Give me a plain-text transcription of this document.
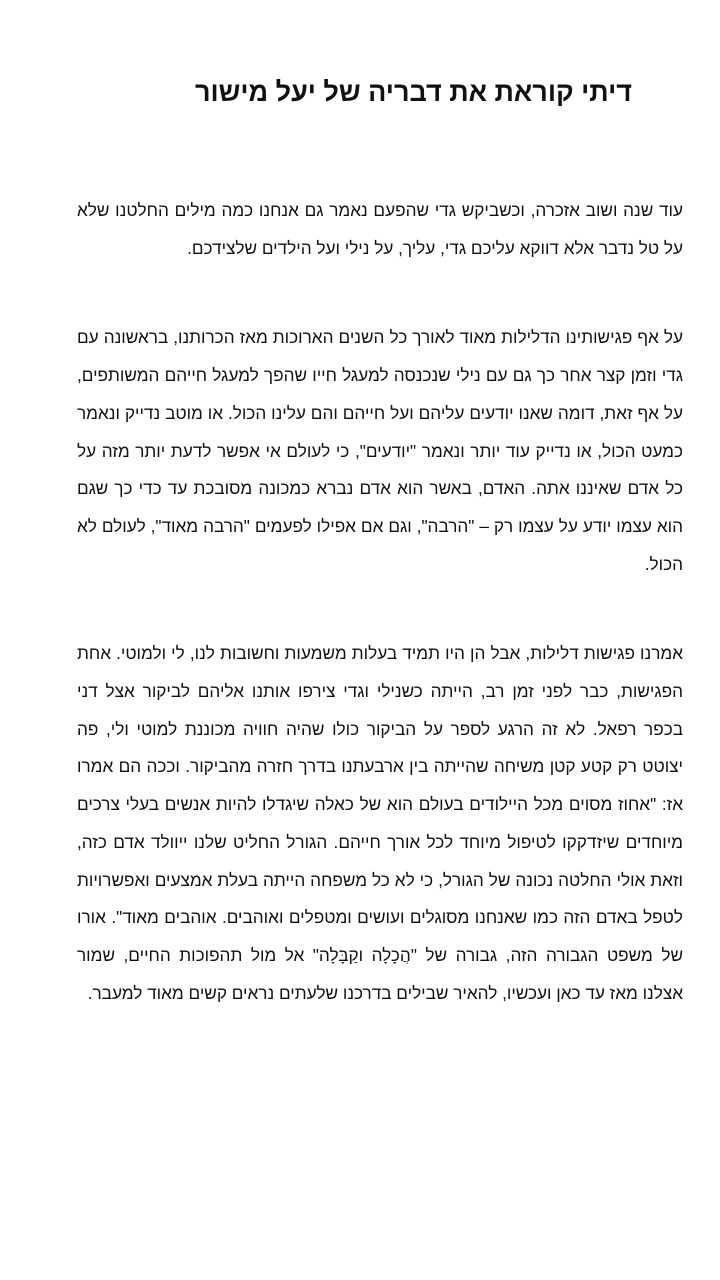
דיתי קוראת את דבריה של יעל מישור

עוד שנה ושוב אזכרה, וכשביקש גדי שהפעם נאמר גם אנחנו כמה מילים החלטנו שלא על טל נדבר אלא דווקא עליכם גדי, עליך, על נילי ועל הילדים שלצידכם.

על אף פגישותינו הדלילות מאוד לאורך כל השנים הארוכות מאז הכרותנו, בראשונה עם גדי וזמן קצר אחר כך גם עם נילי שנכנסה למעגל חייו שהפך למעגל חייהם המשותפים, על אף זאת, דומה שאנו יודעים עליהם ועל חייהם והם עלינו הכול. או מוטב נדייק ונאמר כמעט הכול, או נדייק עוד יותר ונאמר "יודעים", כי לעולם אי אפשר לדעת יותר מזה על כל אדם שאיננו אתה. האדם, באשר הוא אדם נברא כמכונה מסובכת עד כדי כך שגם הוא עצמו יודע על עצמו רק – "הרבה", וגם אם אפילו לפעמים "הרבה מאוד", לעולם לא הכול.

אמרנו פגישות דלילות, אבל הן היו תמיד בעלות משמעות וחשובות לנו, לי ולמוטי. אחת הפגישות, כבר לפני זמן רב, הייתה כשנילי וגדי צירפו אותנו אליהם לביקור אצל דני בכפר רפאל. לא זה הרגע לספר על הביקור כולו שהיה חוויה מכוננת למוטי ולי, פה יצוטט רק קטע קטן משיחה שהייתה בין ארבעתנו בדרך חזרה מהביקור. וככה הם אמרו אז: "אחוז מסוים מכל היילודים בעולם הוא של כאלה שיגדלו להיות אנשים בעלי צרכים מיוחדים שיזדקקו לטיפול מיוחד לכל אורך חייהם. הגורל החליט שלנו ייוולד אדם כזה, וזאת אולי החלטה נכונה של הגורל, כי לא כל משפחה הייתה בעלת אמצעים ואפשרויות לטפל באדם הזה כמו שאנחנו מסוגלים ועושים ומטפלים ואוהבים. אוהבים מאוד". אורו של משפט הגבורה הזה, גבורה של "הֲכָלָה וקַבָּלָה" אל מול תהפוכות החיים, שמור אצלנו מאז עד כאן ועכשיו, להאיר שבילים בדרכנו שלעתים נראים קשים מאוד למעבר.
